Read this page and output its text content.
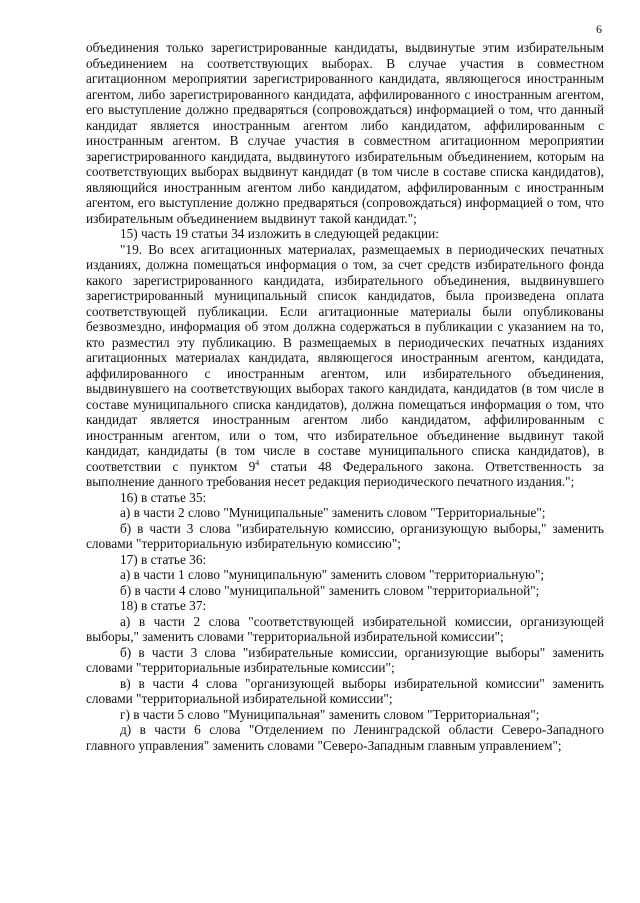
6

объединения только зарегистрированные кандидаты, выдвинутые этим избирательным объединением на соответствующих выборах. В случае участия в совместном агитационном мероприятии зарегистрированного кандидата, являющегося иностранным агентом, либо зарегистрированного кандидата, аффилированного с иностранным агентом, его выступление должно предваряться (сопровождаться) информацией о том, что данный кандидат является иностранным агентом либо кандидатом, аффилированным с иностранным агентом. В случае участия в совместном агитационном мероприятии зарегистрированного кандидата, выдвинутого избирательным объединением, которым на соответствующих выборах выдвинут кандидат (в том числе в составе списка кандидатов), являющийся иностранным агентом либо кандидатом, аффилированным с иностранным агентом, его выступление должно предваряться (сопровождаться) информацией о том, что избирательным объединением выдвинут такой кандидат.";

15) часть 19 статьи 34 изложить в следующей редакции:

"19. Во всех агитационных материалах, размещаемых в периодических печатных изданиях, должна помещаться информация о том, за счет средств избирательного фонда какого зарегистрированного кандидата, избирательного объединения, выдвинувшего зарегистрированный муниципальный список кандидатов, была произведена оплата соответствующей публикации. Если агитационные материалы были опубликованы безвозмездно, информация об этом должна содержаться в публикации с указанием на то, кто разместил эту публикацию. В размещаемых в периодических печатных изданиях агитационных материалах кандидата, являющегося иностранным агентом, кандидата, аффилированного с иностранным агентом, или избирательного объединения, выдвинувшего на соответствующих выборах такого кандидата, кандидатов (в том числе в составе муниципального списка кандидатов), должна помещаться информация о том, что кандидат является иностранным агентом либо кандидатом, аффилированным с иностранным агентом, или о том, что избирательное объединение выдвинут такой кандидат, кандидаты (в том числе в составе муниципального списка кандидатов), в соответствии с пунктом $9^4$ статьи 48 Федерального закона. Ответственность за выполнение данного требования несет редакция периодического печатного издания.";

16) в статье 35:

а) в части 2 слово "Муниципальные" заменить словом "Территориальные";

б) в части 3 слова "избирательную комиссию, организующую выборы," заменить словами "территориальную избирательную комиссию";

17) в статье 36:

а) в части 1 слово "муниципальную" заменить словом "территориальную";

б) в части 4 слово "муниципальной" заменить словом "территориальной";

18) в статье 37:

а) в части 2 слова "соответствующей избирательной комиссии, организующей выборы," заменить словами "территориальной избирательной комиссии";

б) в части 3 слова "избирательные комиссии, организующие выборы" заменить словами "территориальные избирательные комиссии";

в) в части 4 слова "организующей выборы избирательной комиссии" заменить словами "территориальной избирательной комиссии";

г) в части 5 слово "Муниципальная" заменить словом "Территориальная";

д) в части 6 слова "Отделением по Ленинградской области Северо-Западного главного управления" заменить словами "Северо-Западным главным управлением";
